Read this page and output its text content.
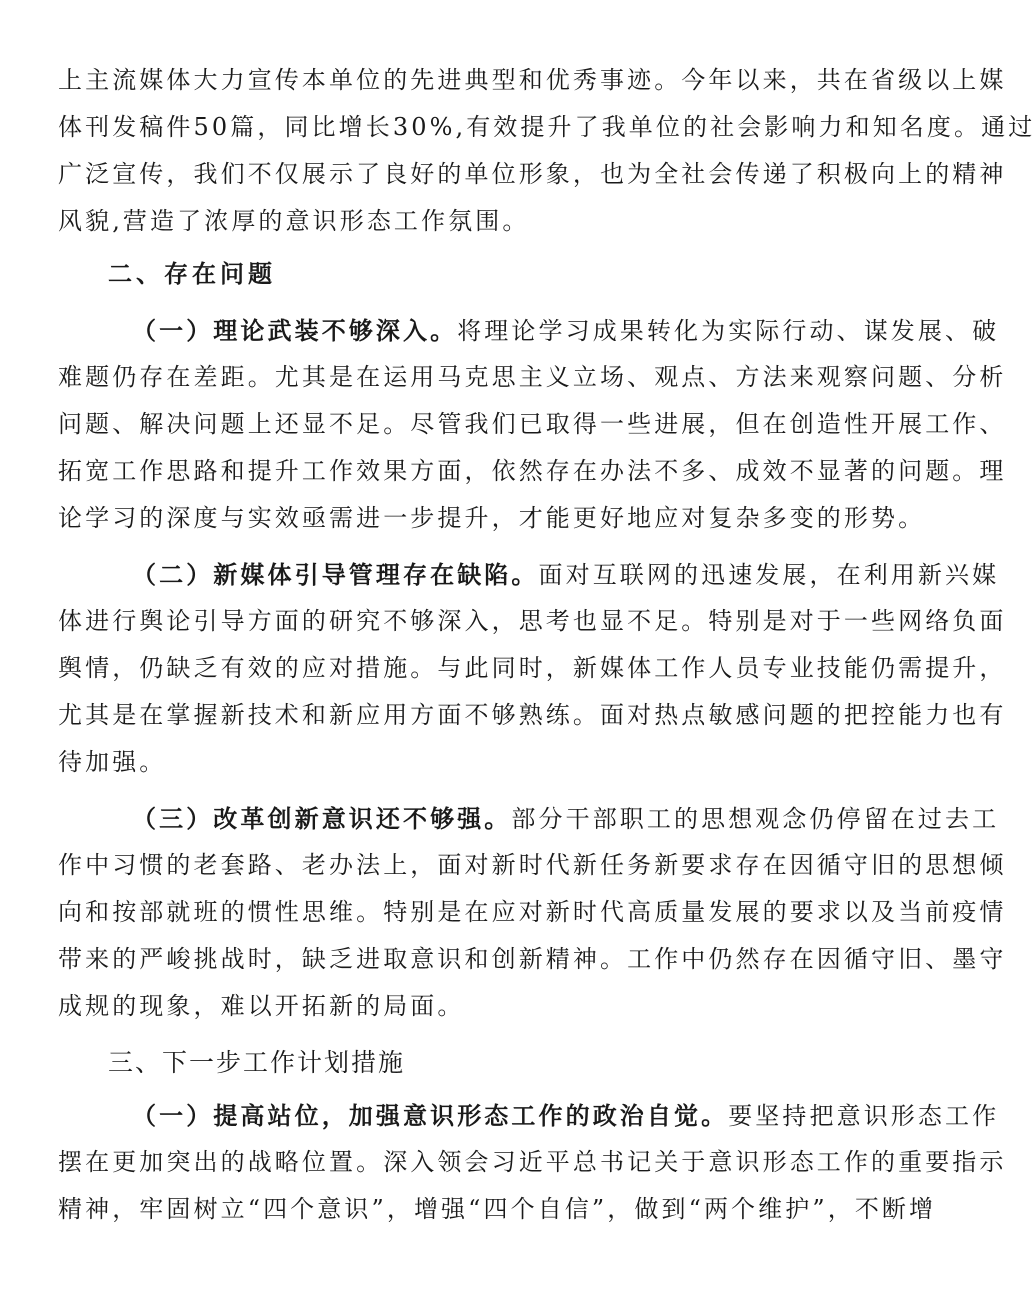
上主流媒体大力宣传本单位的先进典型和优秀事迹。今年以来，共在省级以上媒
体刊发稿件50篇，同比增长30%,有效提升了我单位的社会影响力和知名度。通过
广泛宣传，我们不仅展示了良好的单位形象，也为全社会传递了积极向上的精神
风貌,营造了浓厚的意识形态工作氛围。
二、存在问题
（一）理论武装不够深入。将理论学习成果转化为实际行动、谋发展、破
难题仍存在差距。尤其是在运用马克思主义立场、观点、方法来观察问题、分析
问题、解决问题上还显不足。尽管我们已取得一些进展，但在创造性开展工作、
拓宽工作思路和提升工作效果方面，依然存在办法不多、成效不显著的问题。理
论学习的深度与实效亟需进一步提升，才能更好地应对复杂多变的形势。
（二）新媒体引导管理存在缺陷。面对互联网的迅速发展，在利用新兴媒
体进行舆论引导方面的研究不够深入，思考也显不足。特别是对于一些网络负面
舆情，仍缺乏有效的应对措施。与此同时，新媒体工作人员专业技能仍需提升，
尤其是在掌握新技术和新应用方面不够熟练。面对热点敏感问题的把控能力也有
待加强。
（三）改革创新意识还不够强。部分干部职工的思想观念仍停留在过去工
作中习惯的老套路、老办法上，面对新时代新任务新要求存在因循守旧的思想倾
向和按部就班的惯性思维。特别是在应对新时代高质量发展的要求以及当前疫情
带来的严峻挑战时，缺乏进取意识和创新精神。工作中仍然存在因循守旧、墨守
成规的现象，难以开拓新的局面。
三、下一步工作计划措施
（一）提高站位，加强意识形态工作的政治自觉。要坚持把意识形态工作
摆在更加突出的战略位置。深入领会习近平总书记关于意识形态工作的重要指示
精神，牢固树立“四个意识”，增强“四个自信”，做到“两个维护”，不断增
